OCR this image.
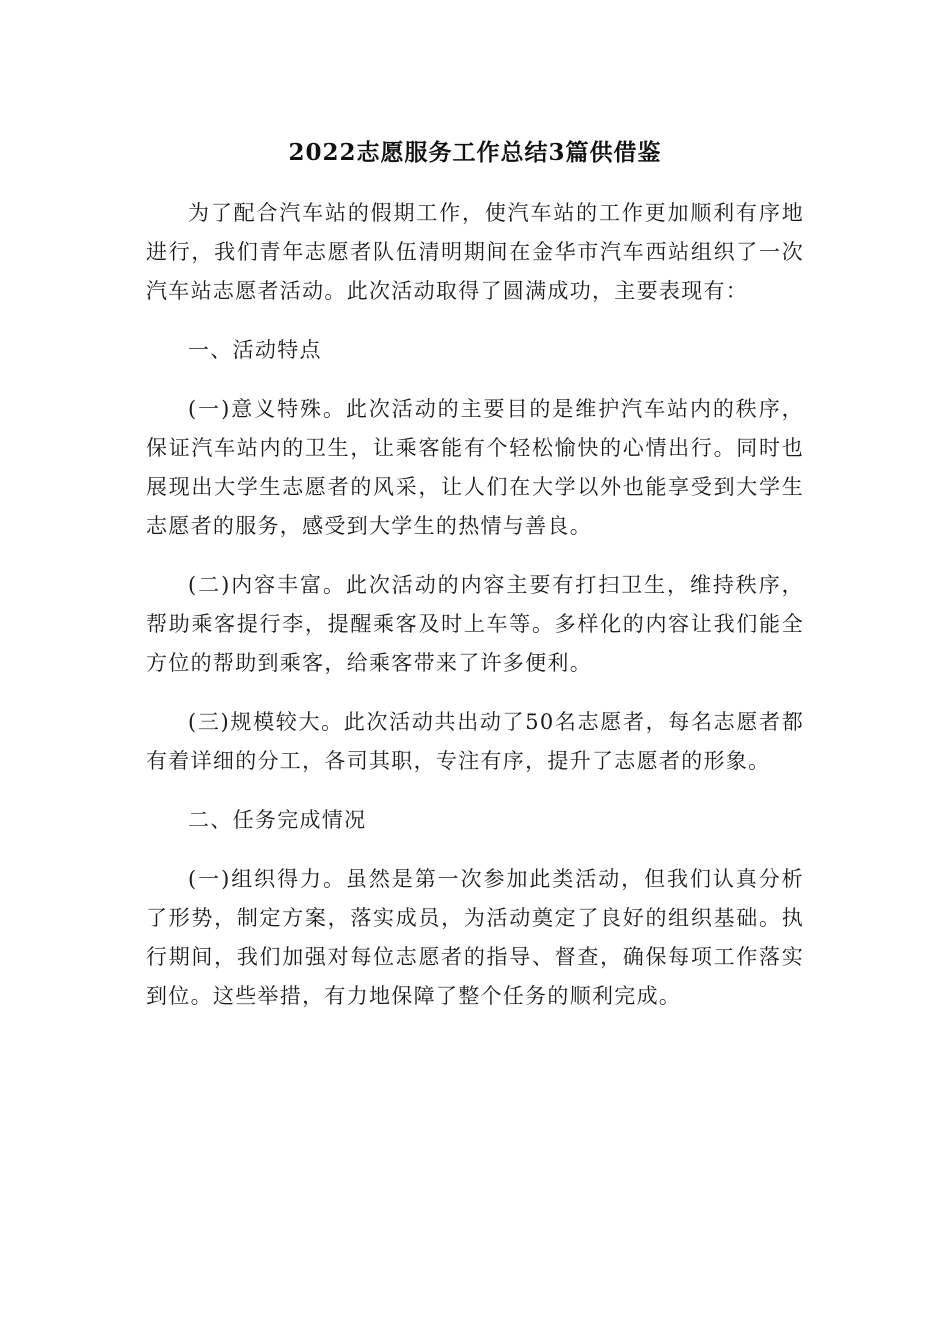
2022志愿服务工作总结3篇供借鉴

为了配合汽车站的假期工作，使汽车站的工作更加顺利有序地进行，我们青年志愿者队伍清明期间在金华市汽车西站组织了一次汽车站志愿者活动。此次活动取得了圆满成功，主要表现有：

一、活动特点

(一)意义特殊。此次活动的主要目的是维护汽车站内的秩序，保证汽车站内的卫生，让乘客能有个轻松愉快的心情出行。同时也展现出大学生志愿者的风采，让人们在大学以外也能享受到大学生志愿者的服务，感受到大学生的热情与善良。

(二)内容丰富。此次活动的内容主要有打扫卫生，维持秩序，帮助乘客提行李，提醒乘客及时上车等。多样化的内容让我们能全方位的帮助到乘客，给乘客带来了许多便利。

(三)规模较大。此次活动共出动了50名志愿者，每名志愿者都有着详细的分工，各司其职，专注有序，提升了志愿者的形象。

二、任务完成情况

(一)组织得力。虽然是第一次参加此类活动，但我们认真分析了形势，制定方案，落实成员，为活动奠定了良好的组织基础。执行期间，我们加强对每位志愿者的指导、督查，确保每项工作落实到位。这些举措，有力地保障了整个任务的顺利完成。
